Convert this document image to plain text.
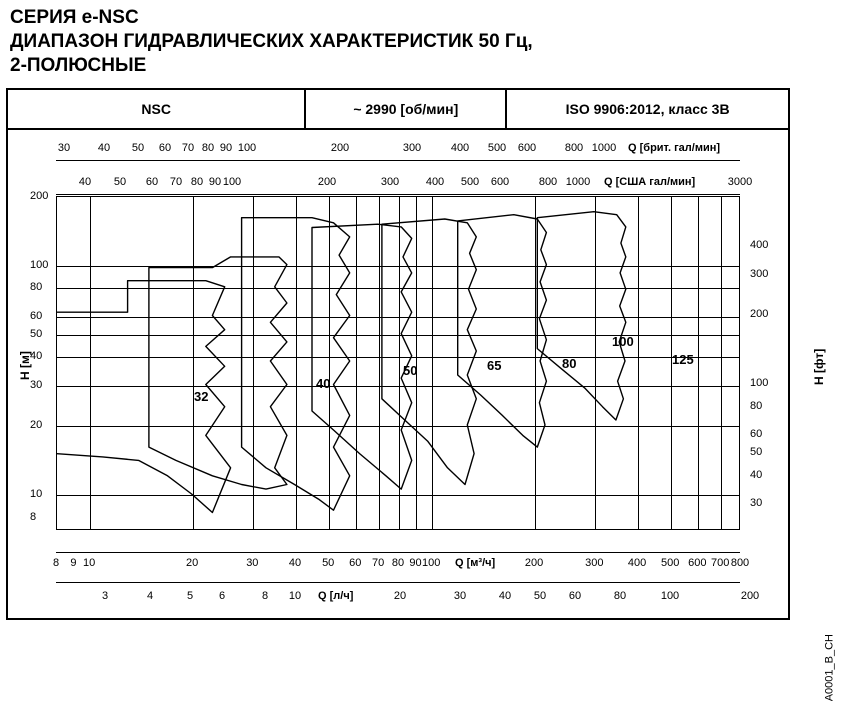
СЕРИЯ e-NSC
ДИАПАЗОН ГИДРАВЛИЧЕСКИХ ХАРАКТЕРИСТИК 50 Гц,
2-ПОЛЮСНЫЕ
NSC	~ 2990 [об/мин]	ISO 9906:2012, класс 3В
30	40 50 60 70 80 90 100	200	300	400 500 600	800 1000 Q [брит. гал/мин]
40 50 60 70 80 90 100	200	300 400 500 600	800 1000	3000
Q [США гал/мин]
H [м]	H [фт]
8 9 10	20	30	40 50 60 70 80 90 100	200	300 400 500 600 700 800
Q [м³/ч]
3	4	5 6	8 10	20	30	40 50 60	80	100	200
Q [л/ч]
A0001_B_CH
200
100
80
60
50
40
30
20
10
8
400
300
200
100
80
60
50
40
30
32
40
50	65	80
100
125
